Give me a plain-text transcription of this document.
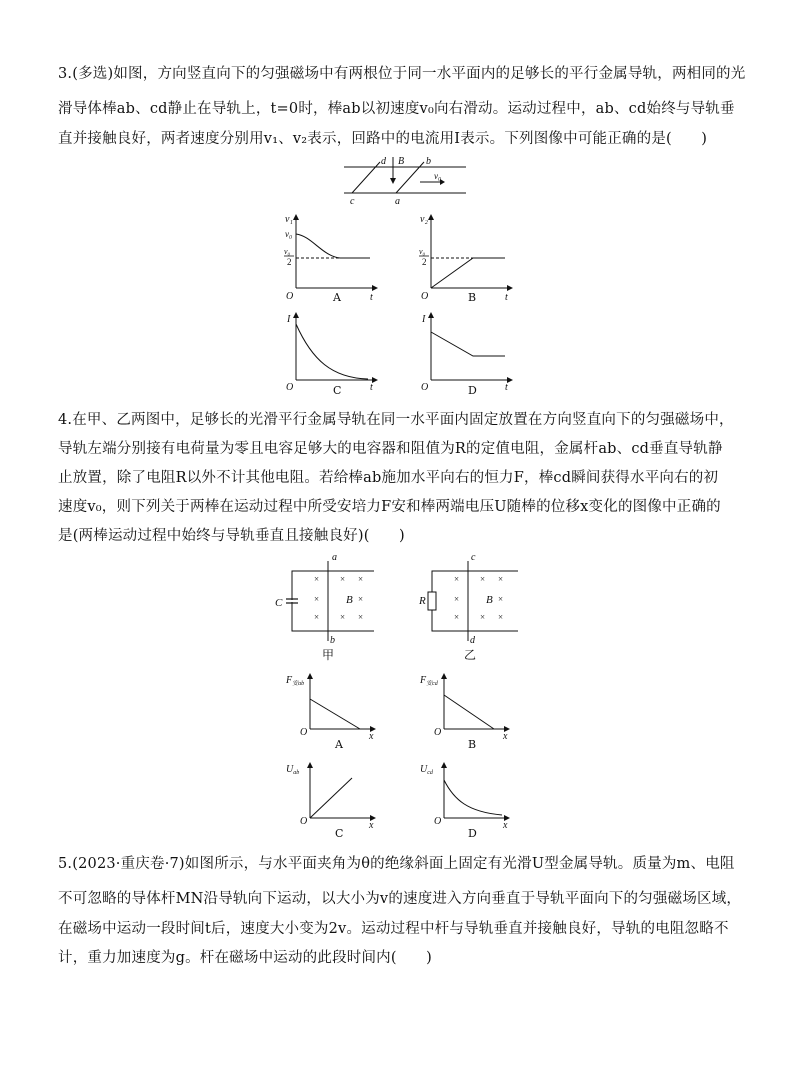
3.(多选)如图，方向竖直向下的匀强磁场中有两根位于同一水平面内的足够长的平行金属导轨，两相同的光
滑导体棒ab、cd静止在导轨上，t=0时，棒ab以初速度v₀向右滑动。运动过程中，ab、cd始终与导轨垂
直并接触良好，两者速度分别用v₁、v₂表示，回路中的电流用I表示。下列图像中可能正确的是(　　)
d B b
c	a
v₀
v₁
v₀
v₀
2
O	t
A
v₂
v₀
2
O	t
B
I
O	t
C
I
O	t
D
4.在甲、乙两图中，足够长的光滑平行金属导轨在同一水平面内固定放置在方向竖直向下的匀强磁场中，
导轨左端分别接有电荷量为零且电容足够大的电容器和阻值为R的定值电阻，金属杆ab、cd垂直导轨静
止放置，除了电阻R以外不计其他电阻。若给棒ab施加水平向右的恒力F，棒cd瞬间获得水平向右的初
速度v₀，则下列关于两棒在运动过程中所受安培力F安和棒两端电压U随棒的位移x变化的图像中正确的
是(两棒运动过程中始终与导轨垂直且接触良好)(　　)
× × ×
×	×
× × ×
C
a
b
B
甲
× × ×
×	×
× × ×
R
c
d
B
乙
$F_{安ab}$
O	x
A
$F_{安cd}$
O	x
B
$U_{ab}$
O	x
C
$U_{cd}$
O	x
D
5.(2023·重庆卷·7)如图所示，与水平面夹角为θ的绝缘斜面上固定有光滑U型金属导轨。质量为m、电阻
不可忽略的导体杆MN沿导轨向下运动，以大小为v的速度进入方向垂直于导轨平面向下的匀强磁场区域，
在磁场中运动一段时间t后，速度大小变为2v。运动过程中杆与导轨垂直并接触良好，导轨的电阻忽略不
计，重力加速度为g。杆在磁场中运动的此段时间内(　　)
